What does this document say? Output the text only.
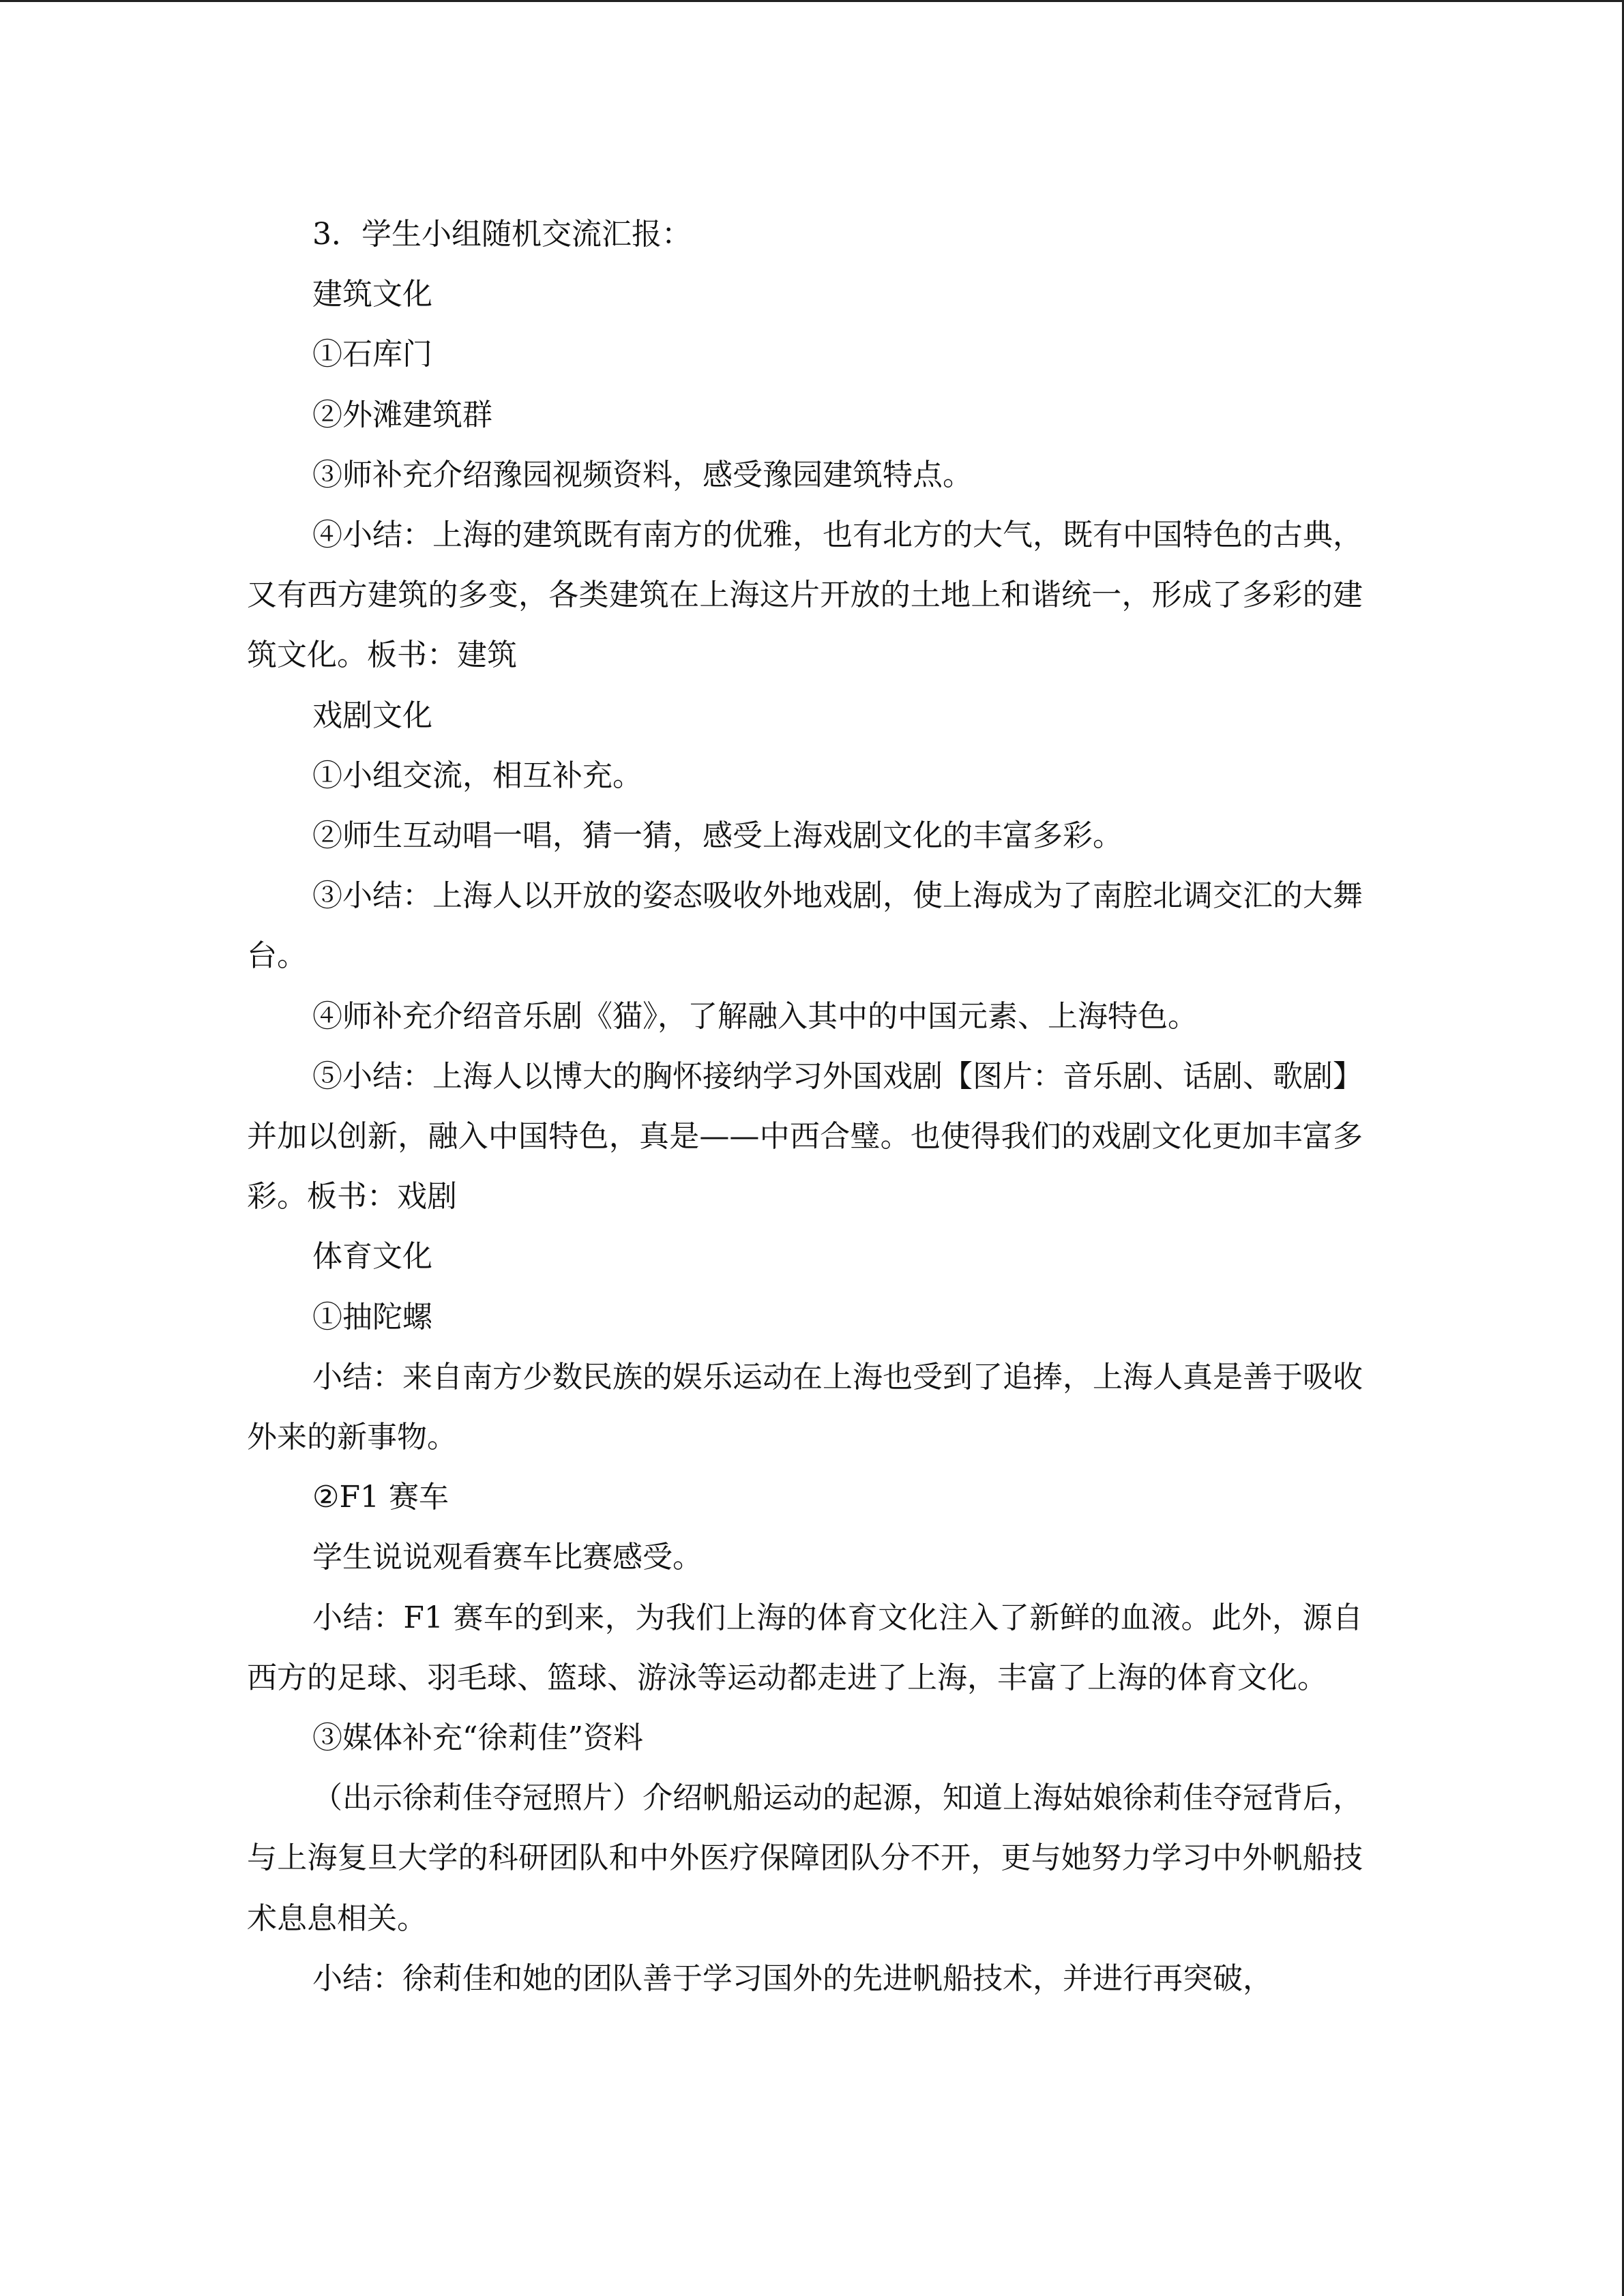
3．学生小组随机交流汇报：

建筑文化

①石库门

②外滩建筑群

③师补充介绍豫园视频资料，感受豫园建筑特点。

④小结：上海的建筑既有南方的优雅，也有北方的大气，既有中国特色的古典，又有西方建筑的多变，各类建筑在上海这片开放的土地上和谐统一，形成了多彩的建筑文化。板书：建筑

戏剧文化

①小组交流，相互补充。

②师生互动唱一唱，猜一猜，感受上海戏剧文化的丰富多彩。

③小结：上海人以开放的姿态吸收外地戏剧，使上海成为了南腔北调交汇的大舞台。

④师补充介绍音乐剧《猫》，了解融入其中的中国元素、上海特色。

⑤小结：上海人以博大的胸怀接纳学习外国戏剧【图片：音乐剧、话剧、歌剧】并加以创新，融入中国特色，真是——中西合璧。也使得我们的戏剧文化更加丰富多彩。板书：戏剧

体育文化

①抽陀螺

小结：来自南方少数民族的娱乐运动在上海也受到了追捧，上海人真是善于吸收外来的新事物。

②F1 赛车

学生说说观看赛车比赛感受。

小结：F1 赛车的到来，为我们上海的体育文化注入了新鲜的血液。此外，源自西方的足球、羽毛球、篮球、游泳等运动都走进了上海，丰富了上海的体育文化。

③媒体补充“徐莉佳”资料

（出示徐莉佳夺冠照片）介绍帆船运动的起源，知道上海姑娘徐莉佳夺冠背后，与上海复旦大学的科研团队和中外医疗保障团队分不开，更与她努力学习中外帆船技术息息相关。

小结：徐莉佳和她的团队善于学习国外的先进帆船技术，并进行再突破，
